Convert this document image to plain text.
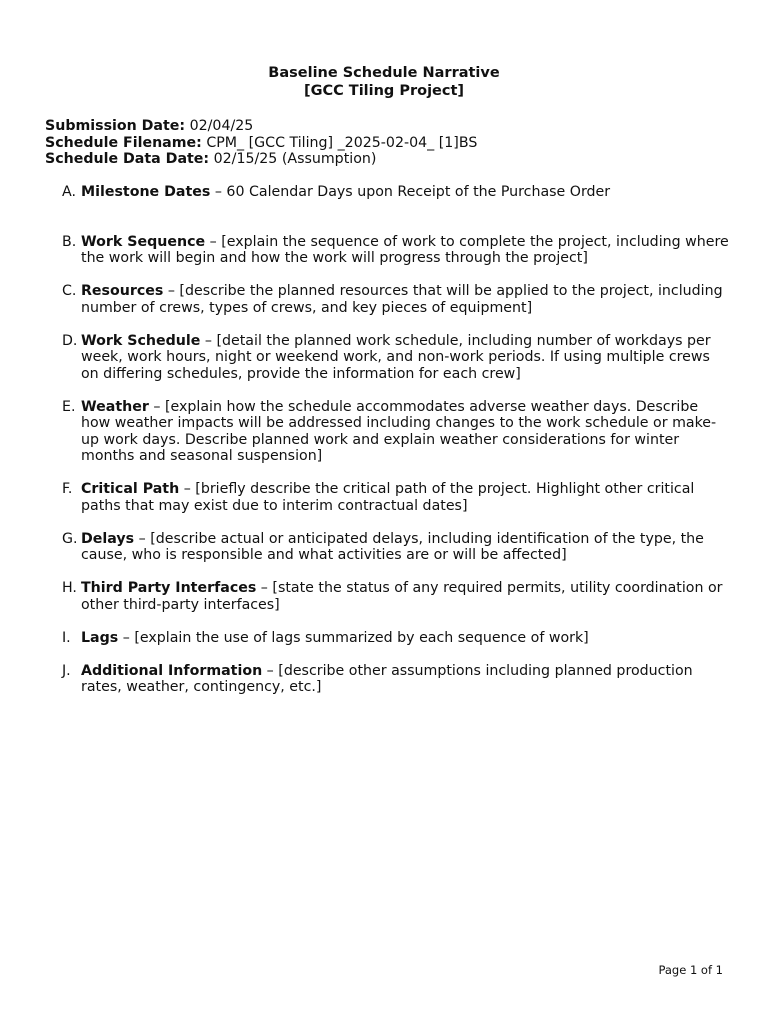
Baseline Schedule Narrative
[GCC Tiling Project]
Submission Date: 02/04/25
Schedule Filename: CPM_ [GCC Tiling] _2025-02-04_ [1]BS
Schedule Data Date: 02/15/25 (Assumption)
A. Milestone Dates – 60 Calendar Days upon Receipt of the Purchase Order
B. Work Sequence – [explain the sequence of work to complete the project, including where the work will begin and how the work will progress through the project]
C. Resources – [describe the planned resources that will be applied to the project, including number of crews, types of crews, and key pieces of equipment]
D. Work Schedule – [detail the planned work schedule, including number of workdays per week, work hours, night or weekend work, and non-work periods. If using multiple crews on differing schedules, provide the information for each crew]
E. Weather – [explain how the schedule accommodates adverse weather days. Describe how weather impacts will be addressed including changes to the work schedule or make-up work days. Describe planned work and explain weather considerations for winter months and seasonal suspension]
F. Critical Path – [briefly describe the critical path of the project. Highlight other critical paths that may exist due to interim contractual dates]
G. Delays – [describe actual or anticipated delays, including identification of the type, the cause, who is responsible and what activities are or will be affected]
H. Third Party Interfaces – [state the status of any required permits, utility coordination or other third-party interfaces]
I. Lags – [explain the use of lags summarized by each sequence of work]
J. Additional Information – [describe other assumptions including planned production rates, weather, contingency, etc.]
Page 1 of 1
